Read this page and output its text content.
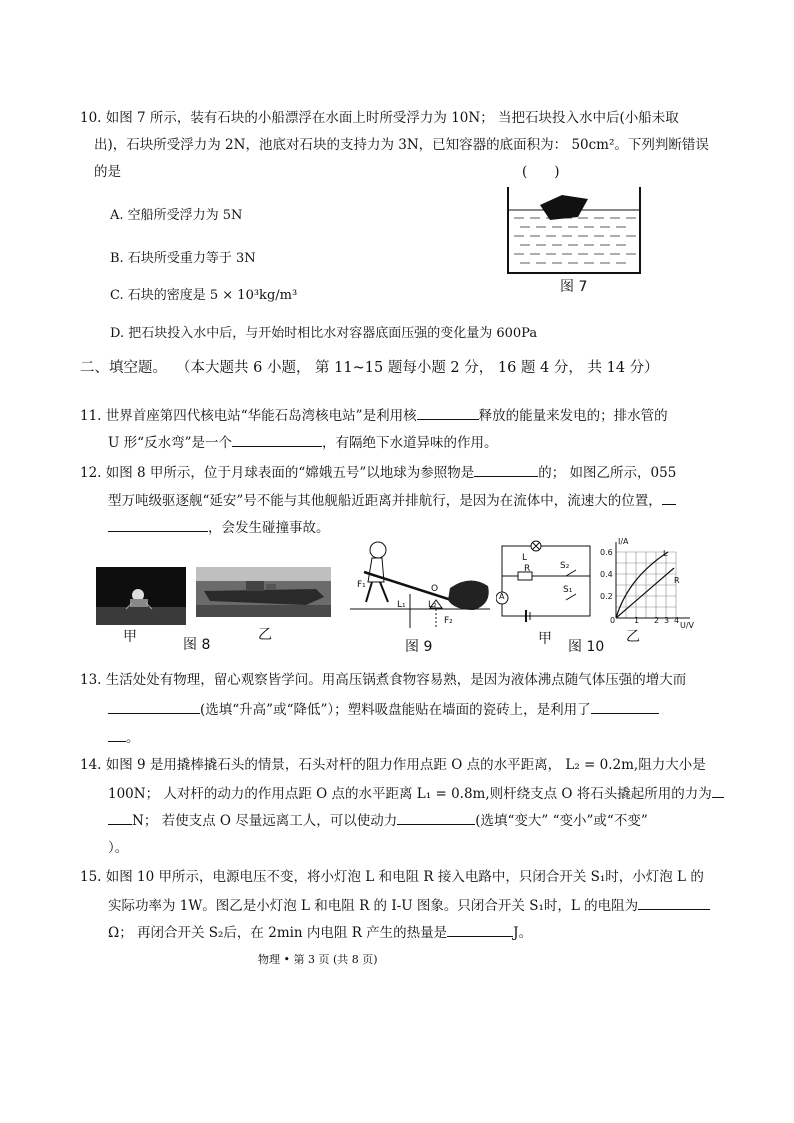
10. 如图 7 所示，装有石块的小船漂浮在水面上时所受浮力为 10N； 当把石块投入水中后(小船未取
出)，石块所受浮力为 2N，池底对石块的支持力为 3N，已知容器的底面积为： 50cm²。下列判断错误
的是	(　　)
A. 空船所受浮力为 5N
B. 石块所受重力等于 3N
C. 石块的密度是 5 × 10³kg/m³
D. 把石块投入水中后，与开始时相比水对容器底面压强的变化量为 600Pa
图 7
二、填空题。 （本大题共 6 小题， 第 11~15 题每小题 2 分， 16 题 4 分， 共 14 分）
11. 世界首座第四代核电站“华能石岛湾核电站”是利用核	释放的能量来发电的；排水管的
U 形“反水弯”是一个	，有隔绝下水道异味的作用。
12. 如图 8 甲所示，位于月球表面的“嫦娥五号”以地球为参照物是	的； 如图乙所示，055
型万吨级驱逐舰“延安”号不能与其他舰船近距离并排航行，是因为在流体中，流速大的位置，
，会发生碰撞事故。
甲	图 8
乙
F₁
L₁
O
L₂
F₂
图 9
L
R	S₂
S₁
A
甲 图 10
I/A
0.6
0.4
0.2
0 1 2 3 4
U/V
L
R
乙
13. 生活处处有物理，留心观察皆学问。用高压锅煮食物容易熟，是因为液体沸点随气体压强的增大而
(选填“升高”或“降低”）；塑料吸盘能贴在墙面的瓷砖上，是利用了
。
14. 如图 9 是用撬棒撬石头的情景，石头对杆的阻力作用点距 O 点的水平距离， L₂ = 0.2m,阻力大小是
100N； 人对杆的动力的作用点距 O 点的水平距离 L₁ = 0.8m,则杆绕支点 O 将石头撬起所用的力为
N； 若使支点 O 尽量远离工人，可以使动力	(选填“变大” “变小”或“不变”
）。
15. 如图 10 甲所示，电源电压不变，将小灯泡 L 和电阻 R 接入电路中，只闭合开关 S₁时，小灯泡 L 的
实际功率为 1W。图乙是小灯泡 L 和电阻 R 的 I-U 图象。只闭合开关 S₁时，L 的电阻为
Ω； 再闭合开关 S₂后，在 2min 内电阻 R 产生的热量是	J。
物理 • 第 3 页 (共 8 页)
